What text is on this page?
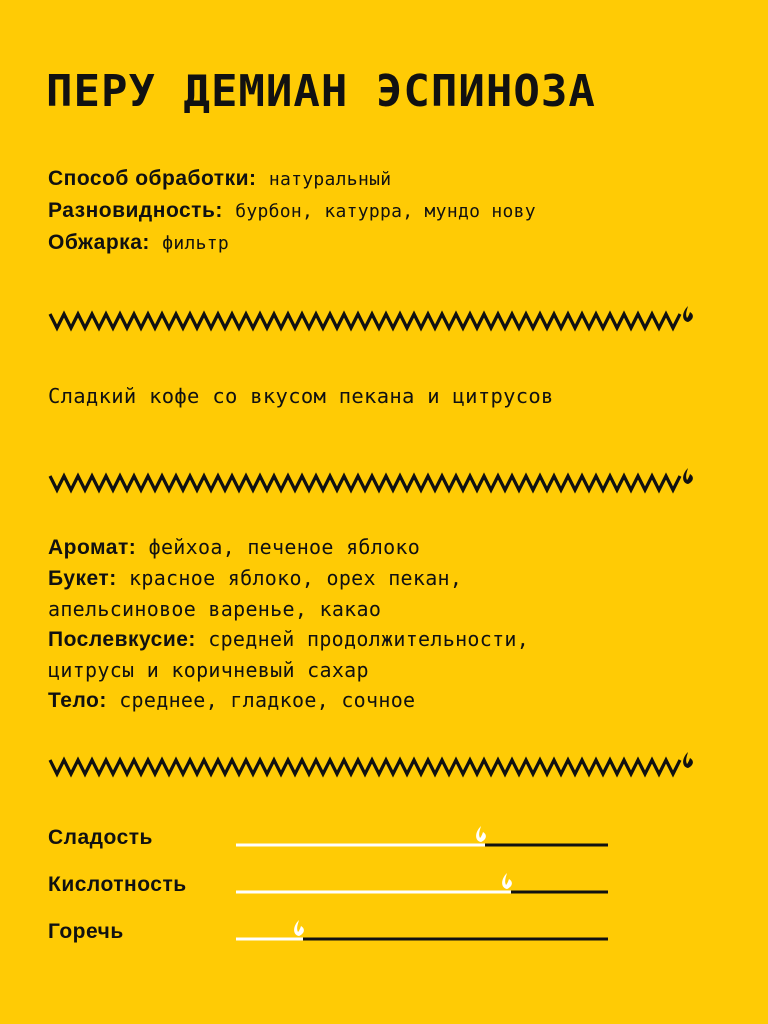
ПЕРУ ДЕМИАН ЭСПИНОЗА
Способ обработки: натуральный
Разновидность: бурбон, катурра, мундо нову
Обжарка: фильтр
Сладкий кофе со вкусом пекана и цитрусов
Аромат: фейхоа, печеное яблоко
Букет: красное яблоко, орех пекан,
апельсиновое варенье, какао
Послевкусие: средней продолжительности,
цитрусы и коричневый сахар
Тело: среднее, гладкое, сочное
Сладость
Кислотность
Горечь
